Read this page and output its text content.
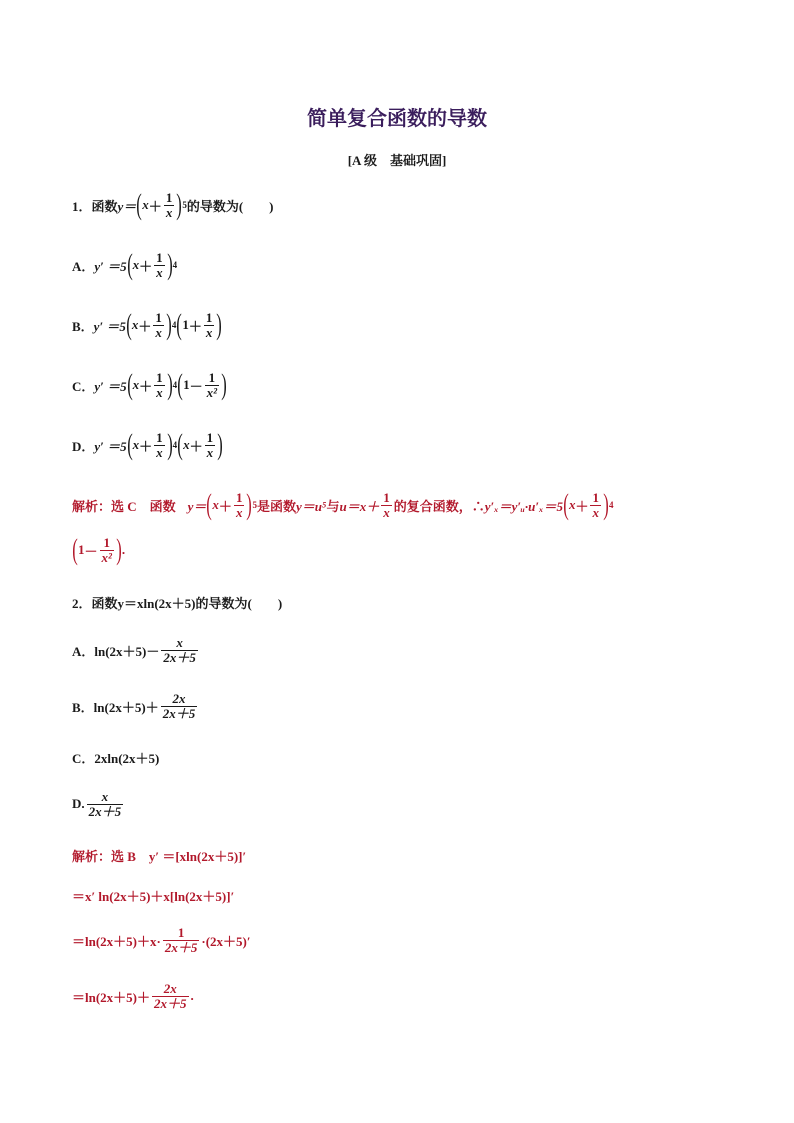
简单复合函数的导数
[A 级　基础巩固]
1．函数 y＝ ( $x + \frac{1}{x}$ ) 5 的导数为(　　)
A． y′ ＝5 ( $x + \frac{1}{x}$ ) 4
B． y′ ＝5 ( $x + \frac{1}{x}$ ) 4 ( $1 + \frac{1}{x}$ )
C． y′ ＝5 ( $x + \frac{1}{x}$ ) 4 ( $1 - \frac{1}{\text{x²}}$ )
D． y′ ＝5 ( $x + \frac{1}{x}$ ) 4 ( $x + \frac{1}{x}$ )
解析：选 C　函数 y＝ ( $x + \frac{1}{x}$ ) 5 是函数 y＝u⁵ 与 $u=x+ \frac{1}{x}$ 的复合函数，∴ y′ₓ＝y′ᵤ·u′ₓ＝5 ( $x + \frac{1}{x}$ ) 4
( $1 - \frac{1}{\text{x²}}$ ) .
2．函数y＝xln(2x＋5)的导数为(　　)
A． $\ln(2x+5)- \frac{x}{2x+5}$
B． $\ln(2x+5)+ \frac{2x}{2x+5}$
C．2xln(2x＋5)
D. $\frac{x}{2x+5}$
解析：选 B　y′ ＝[xln(2x＋5)]′
＝x′ ln(2x＋5)＋x[ln(2x＋5)]′
$=\ln(2x+5)+x\cdot \frac{1}{2x+5} \cdot(2x+5)'$
$=\ln(2x+5)+ \frac{2x}{2x+5}$ .
